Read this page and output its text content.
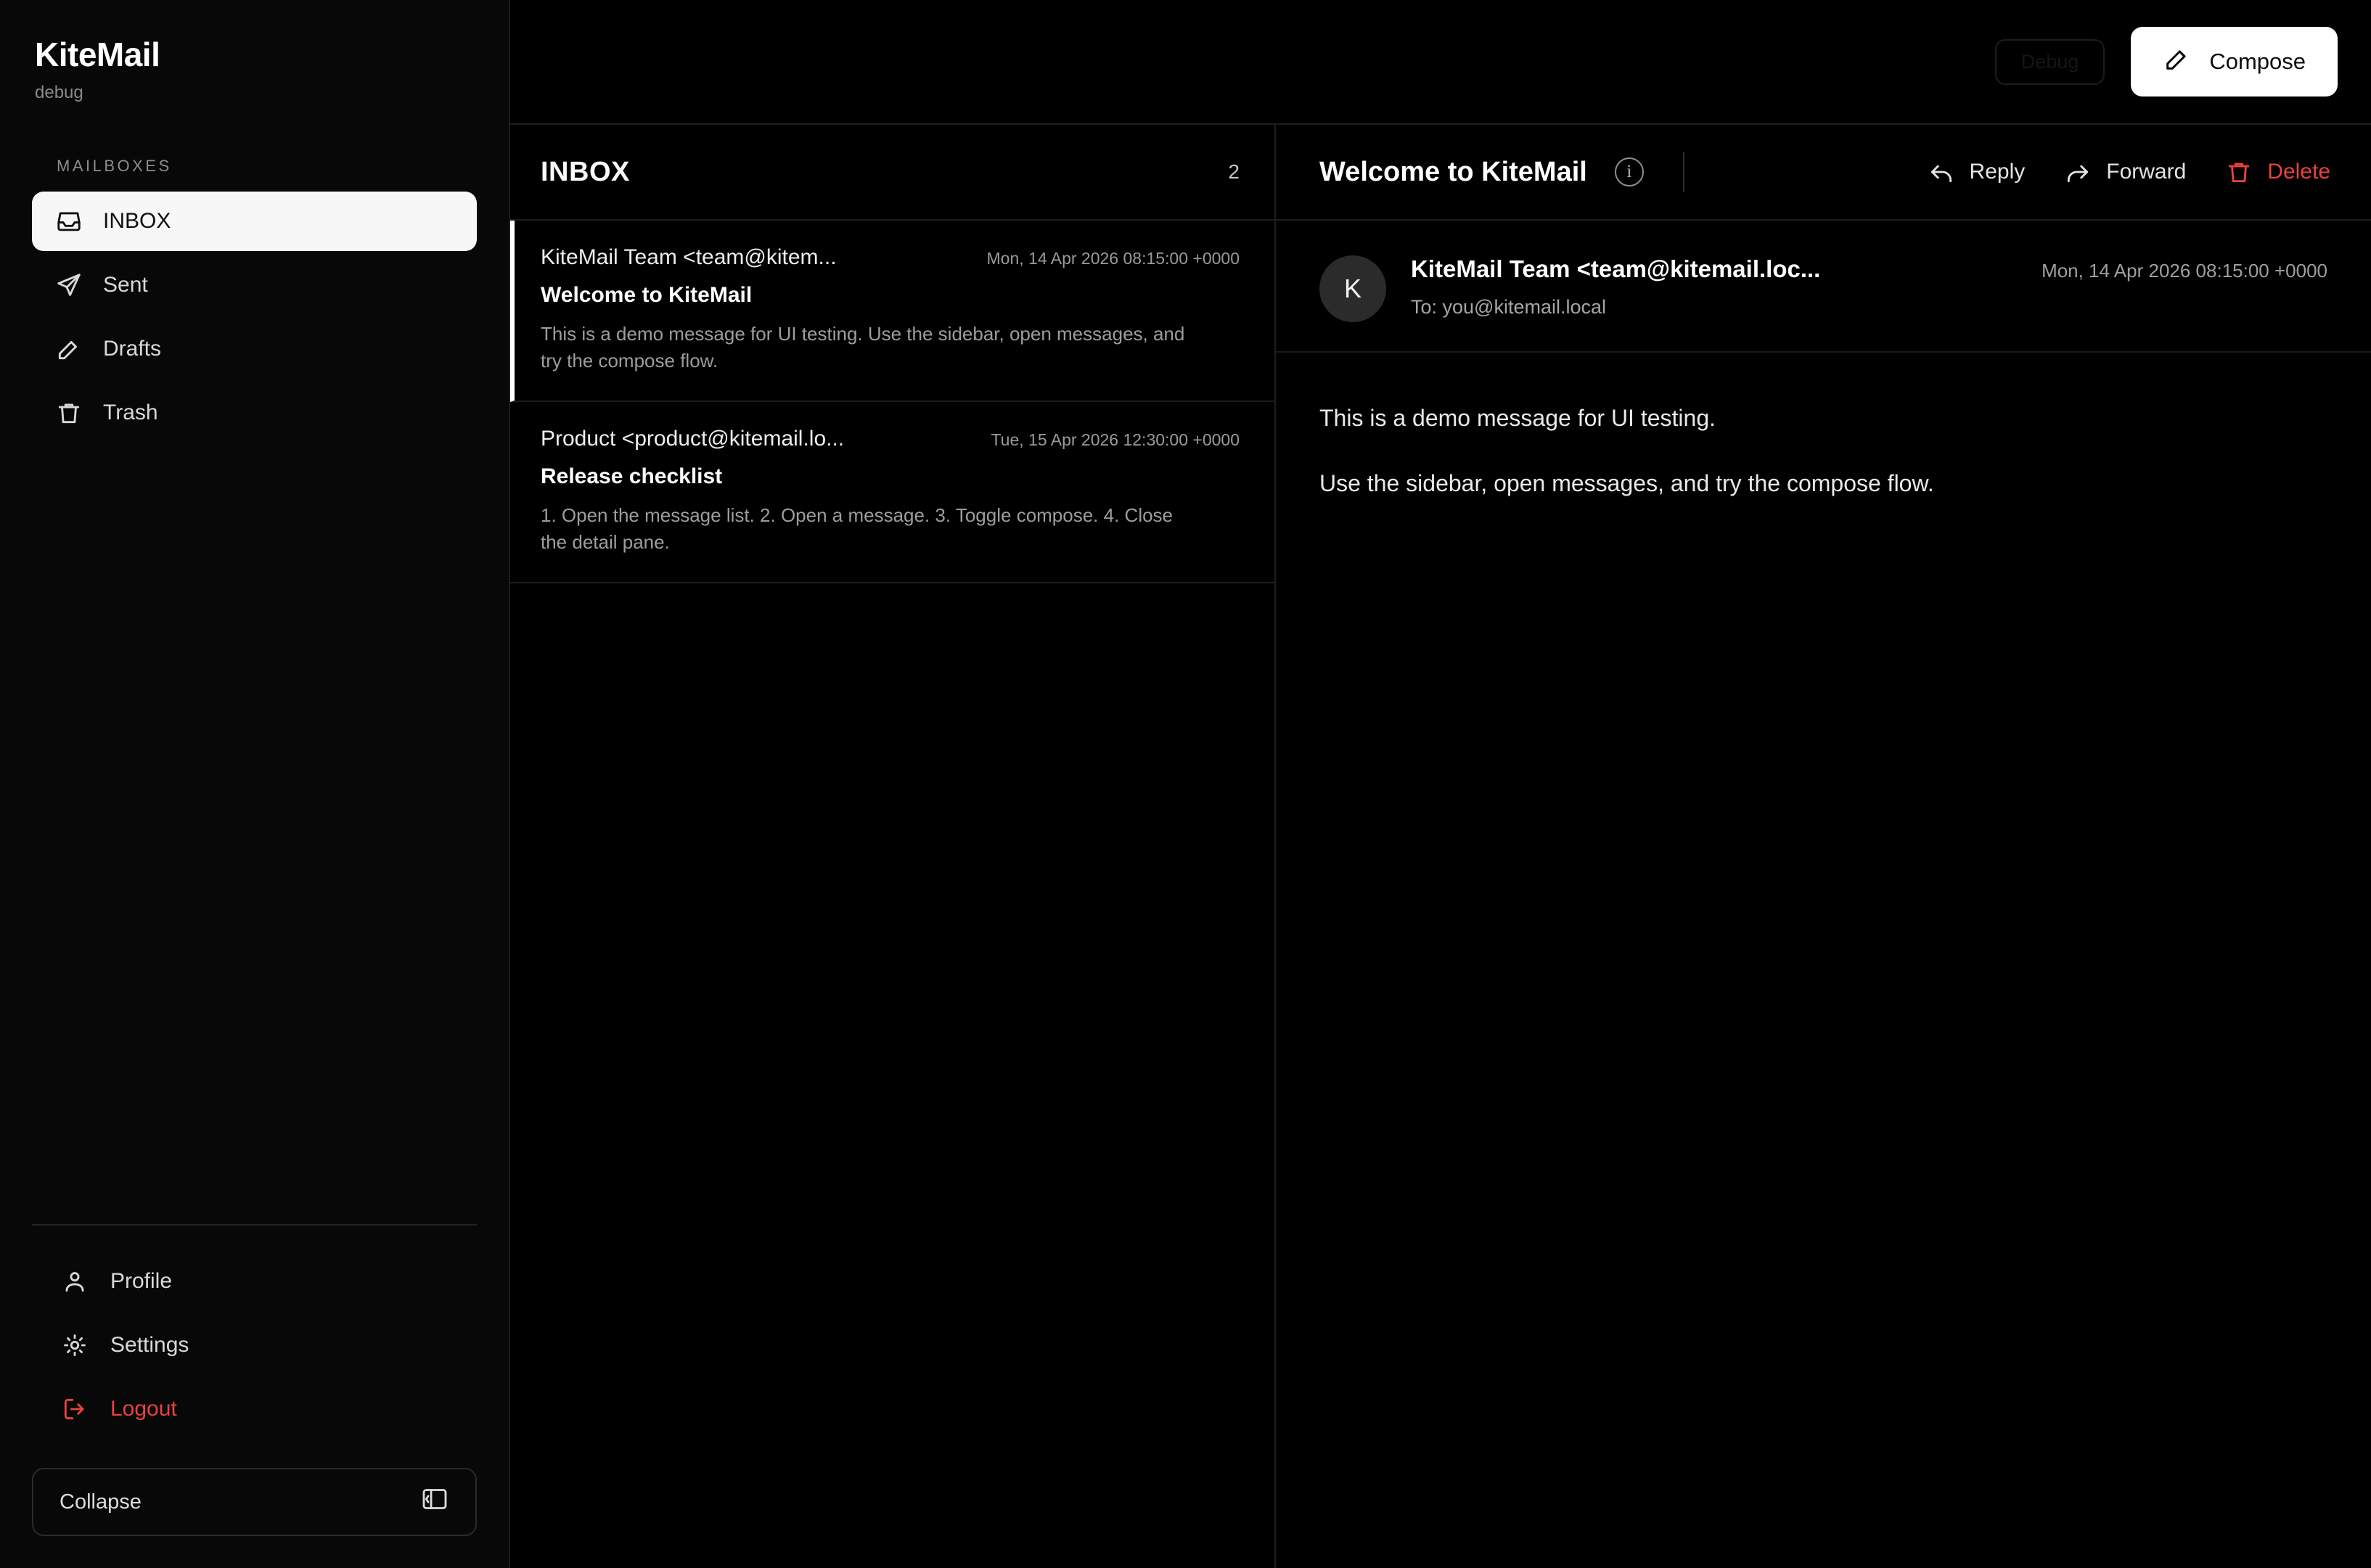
KiteMail
debug
MAILBOXES
INBOX
Sent
Drafts
Trash
Profile
Settings
Logout
Collapse
INBOX	2
KiteMail Team <team@kitem...	Mon, 14 Apr 2026 08:15:00 +0000
Welcome to KiteMail
This is a demo message for UI testing. Use the sidebar, open messages, and try the compose flow.
Product <product@kitemail.lo...	Tue, 15 Apr 2026 12:30:00 +0000
Release checklist
1. Open the message list. 2. Open a message. 3. Toggle compose. 4. Close the detail pane.
Welcome to KiteMail	i	Reply	Forward	Delete
K
KiteMail Team <team@kitemail.loc...	Mon, 14 Apr 2026 08:15:00 +0000
To: you@kitemail.local

This is a demo message for UI testing.

Use the sidebar, open messages, and try the compose flow.

Debug	Compose
